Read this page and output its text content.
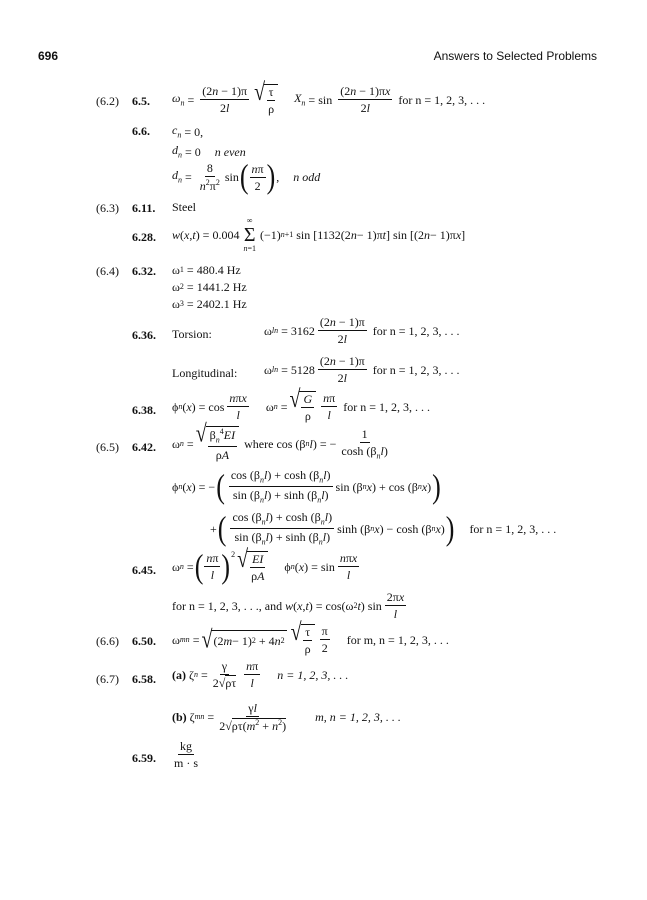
696	Answers to Selected Problems
(6.2) 6.5. $\omega_n = \frac{(2n - 1)\pi}{2l}$ √ $\frac{\tau}{\rho} X_n = \sin \frac{(2n - 1)\pi x}{2l}$
for n = 1, 2, 3, . . .
6.6. $c_n = 0$,
$d_n = 0$ n even
$d_n = \frac{8}{n^2\pi^2}$ sin ( $\frac{n\pi}{2}$ ) , n odd
(6.3) 6.11. Steel
6.28. w ( x , t ) = 0.004
∞
Σ
n=1
(−1) n+1 sin [1132(2 n − 1)π t ] sin [(2 n − 1)π x ]
(6.4) 6.32. ω 1 = 480.4 Hz
ω 2 = 1441.2 Hz
ω 3 = 2402.1 Hz
6.36. Torsion:	ω $\ln = 3162 \frac{(2n - 1)\pi}{2l}$
for n = 1, 2, 3, . . .
Longitudinal: ω $\ln = 5128 \frac{(2n - 1)\pi}{2l}$
for n = 1, 2, 3, . . .
6.38. ϕ n ( x ) = $\cos \frac{\text{nπx}}{l}$ ω n = √ $\frac{G}{\rho} \frac{n\pi}{l}$
for n = 1, 2, 3, . . .
(6.5) 6.42. ω n = √ $\frac{\beta_n^4EI}{\rho A}$
where cos (β n l ) = − $\frac{1}{\cosh (\beta_nl)}$
ϕ n ( x ) = − ( $\frac{\cos (\beta_nl) + \cosh (\beta_nl)}{\sin (\beta_nl) + \sinh (\beta_nl)}$ sin (β n x ) + cos (β n x ) )
+ ( $\frac{\cos (\beta_nl) + \cosh (\beta_nl)}{\sin (\beta_nl) + \sinh (\beta_nl)}$ sinh (β n x ) − cosh (β n x ) ) for n = 1, 2, 3, . . .
6.45. ω n = ( $\frac{n\pi}{l} )^2$ √ $\frac{EI}{\rho A}$ ϕ n ( x ) = $\sin \frac{\text{nπx}}{l}$
for n = 1, 2, 3, . . . , and
w ( x , t ) = cos(ω 2 t ) $\sin \frac{2\pi x}{l}$
(6.6) 6.50. ω mn = √ (2 m − 1) 2 + 4 n 2 √ $\frac{\tau}{\rho} \frac{\pi}{2}$ for m, n = 1, 2, 3, . . .
(6.7) 6.58. (a) ζ $n = \frac{\gamma}{2√\rho\tau} \frac{n\pi}{l}$ n = 1, 2, 3, . . .
(b) ζ mn = $\frac{\gamma l}{2√\rho\tau(m^2 + n^2)} m$, n = 1, 2, 3, . . .
6.59. $\frac{kg}{m \cdot s}$
